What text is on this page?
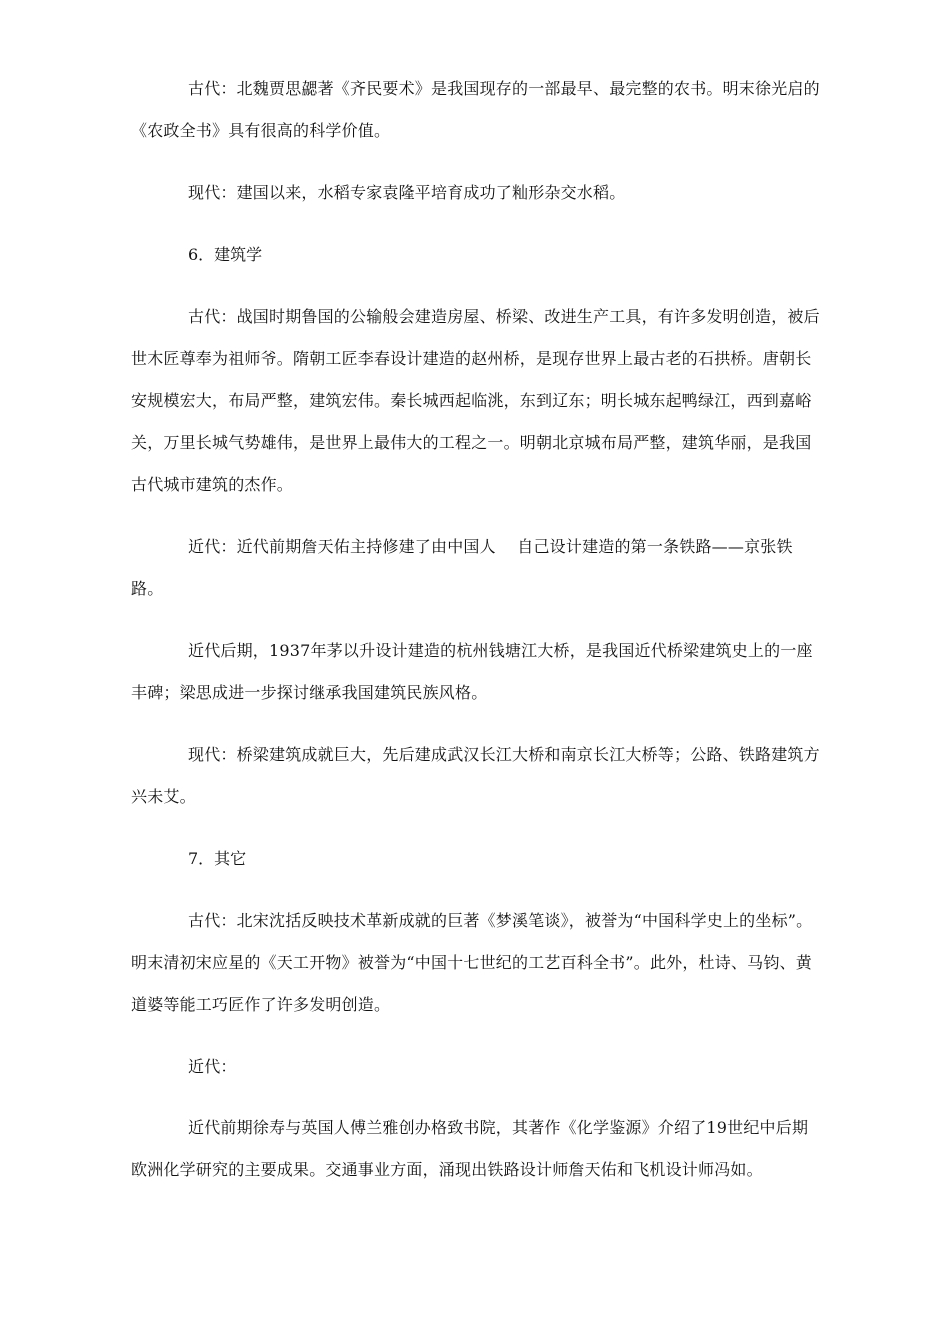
古代：北魏贾思勰著《齐民要术》是我国现存的一部最早、最完整的农书。明末徐光启的《农政全书》具有很高的科学价值。

现代：建国以来，水稻专家袁隆平培育成功了籼形杂交水稻。

6．建筑学

古代：战国时期鲁国的公输般会建造房屋、桥梁、改进生产工具，有许多发明创造，被后世木匠尊奉为祖师爷。隋朝工匠李春设计建造的赵州桥，是现存世界上最古老的石拱桥。唐朝长安规模宏大，布局严整，建筑宏伟。秦长城西起临洮，东到辽东；明长城东起鸭绿江，西到嘉峪关，万里长城气势雄伟，是世界上最伟大的工程之一。明朝北京城布局严整，建筑华丽，是我国古代城市建筑的杰作。

近代：近代前期詹天佑主持修建了由中国人　 自己设计建造的第一条铁路——京张铁路。

近代后期，1937年茅以升设计建造的杭州钱塘江大桥，是我国近代桥梁建筑史上的一座丰碑；梁思成进一步探讨继承我国建筑民族风格。

现代：桥梁建筑成就巨大，先后建成武汉长江大桥和南京长江大桥等；公路、铁路建筑方兴未艾。

7．其它

古代：北宋沈括反映技术革新成就的巨著《梦溪笔谈》，被誉为“中国科学史上的坐标”。明末清初宋应星的《天工开物》被誉为“中国十七世纪的工艺百科全书”。此外，杜诗、马钧、黄道婆等能工巧匠作了许多发明创造。

近代：

近代前期徐寿与英国人傅兰雅创办格致书院，其著作《化学鉴源》介绍了19世纪中后期欧洲化学研究的主要成果。交通事业方面，涌现出铁路设计师詹天佑和飞机设计师冯如。
